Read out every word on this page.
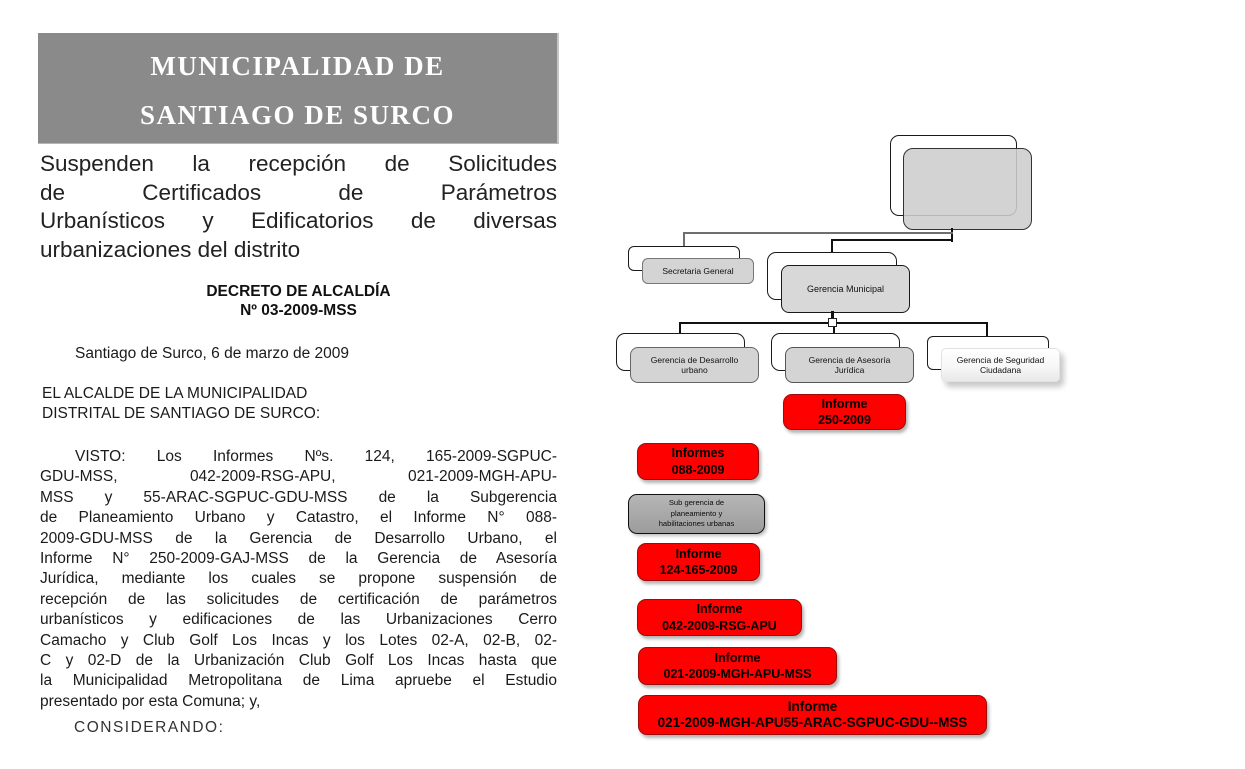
MUNICIPALIDAD DE
SANTIAGO DE SURCO
Suspenden la recepción de Solicitudes
de Certificados de Parámetros
Urbanísticos y Edificatorios de diversas
urbanizaciones del distrito
DECRETO DE ALCALDÍA
Nº 03-2009-MSS
Santiago de Surco, 6 de marzo de 2009
EL ALCALDE DE LA MUNICIPALIDAD
DISTRITAL DE SANTIAGO DE SURCO:
VISTO: Los Informes Nºs. 124, 165-2009-SGPUC-
GDU-MSS, 042-2009-RSG-APU, 021-2009-MGH-APU-
MSS y 55-ARAC-SGPUC-GDU-MSS de la Subgerencia
de Planeamiento Urbano y Catastro, el Informe N° 088-
2009-GDU-MSS de la Gerencia de Desarrollo Urbano, el
Informe N° 250-2009-GAJ-MSS de la Gerencia de Asesoría
Jurídica, mediante los cuales se propone suspensión de
recepción de las solicitudes de certificación de parámetros
urbanísticos y edificaciones de las Urbanizaciones Cerro
Camacho y Club Golf Los Incas y los Lotes 02-A, 02-B, 02-
C y 02-D de la Urbanización Club Golf Los Incas hasta que
la Municipalidad Metropolitana de Lima apruebe el Estudio
presentado por esta Comuna; y,
CONSIDERANDO:
Secretaria General
Gerencia Municipal
Gerencia de Desarrollo
urbano
Gerencia de Asesoría
Jurídica
Gerencia de Seguridad
Ciudadana
Informe
250-2009
Informes
088-2009
Sub gerencia de
planeamiento y
habilitaciones urbanas
Informe
124-165-2009
Informe
042-2009-RSG-APU
Informe
021-2009-MGH-APU-MSS
Informe
021-2009-MGH-APU55-ARAC-SGPUC-GDU--MSS
